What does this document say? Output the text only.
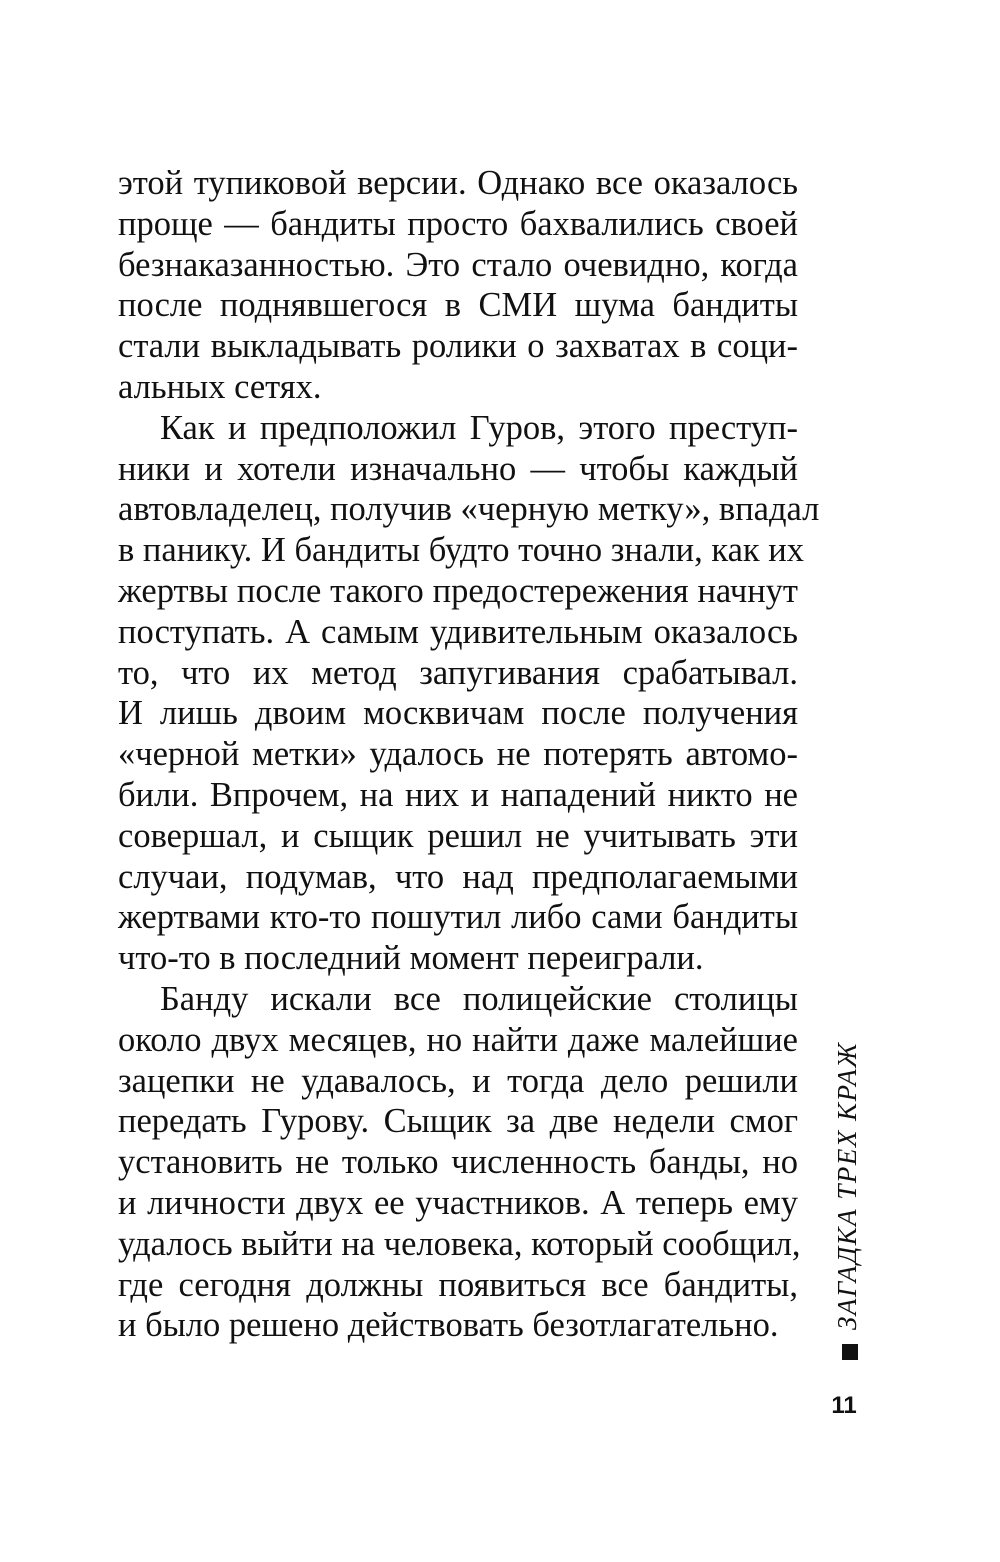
этой тупиковой версии. Однако все оказалось
проще — бандиты просто бахвалились своей
безнаказанностью. Это стало очевидно, когда
после поднявшегося в СМИ шума бандиты
стали выкладывать ролики о захватах в соци-
альных сетях.
Как и предположил Гуров, этого преступ-
ники и хотели изначально — чтобы каждый
автовладелец, получив «черную метку», впадал
в панику. И бандиты будто точно знали, как их
жертвы после такого предостережения начнут
поступать. А самым удивительным оказалось
то, что их метод запугивания срабатывал.
И лишь двоим москвичам после получения
«черной метки» удалось не потерять автомо-
били. Впрочем, на них и нападений никто не
совершал, и сыщик решил не учитывать эти
случаи, подумав, что над предполагаемыми
жертвами кто-то пошутил либо сами бандиты
что-то в последний момент переиграли.
Банду искали все полицейские столицы
около двух месяцев, но найти даже малейшие
зацепки не удавалось, и тогда дело решили
передать Гурову. Сыщик за две недели смог
установить не только численность банды, но
и личности двух ее участников. А теперь ему
удалось выйти на человека, который сообщил,
где сегодня должны появиться все бандиты,
и было решено действовать безотлагательно.	ЗАГАДКА ТРЕХ КРАЖ
11
